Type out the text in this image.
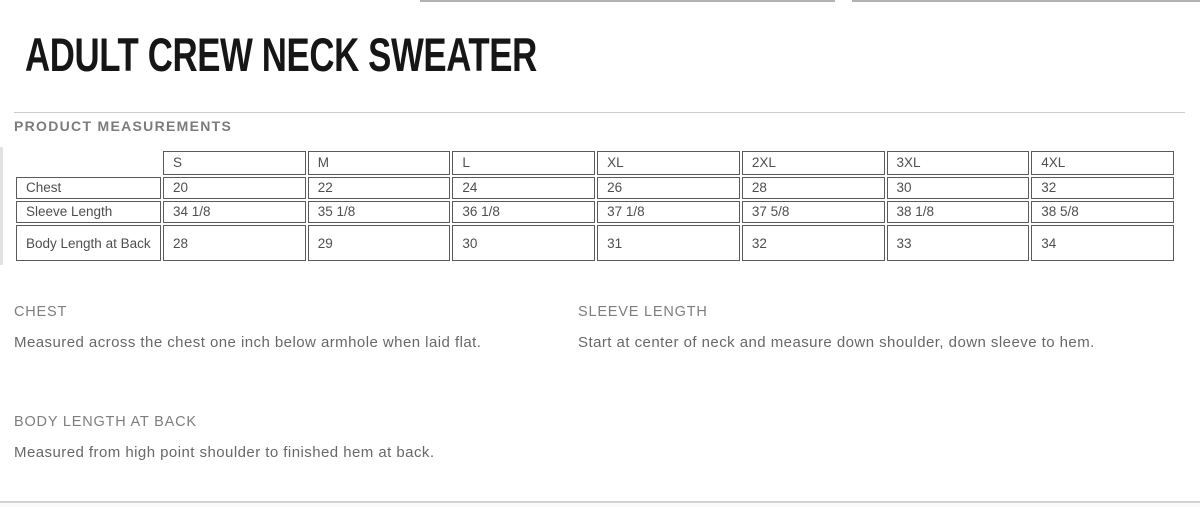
ADULT CREW NECK SWEATER
PRODUCT MEASUREMENTS
	S	M	L	XL	2XL	3XL	4XL
Chest	20	22	24	26	28	30	32
Sleeve Length	34 1/8	35 1/8	36 1/8	37 1/8	37 5/8	38 1/8	38 5/8
Body Length at Back	28	29	30	31	32	33	34
CHEST
Measured across the chest one inch below armhole when laid flat.
SLEEVE LENGTH
Start at center of neck and measure down shoulder, down sleeve to hem.
BODY LENGTH AT BACK
Measured from high point shoulder to finished hem at back.
